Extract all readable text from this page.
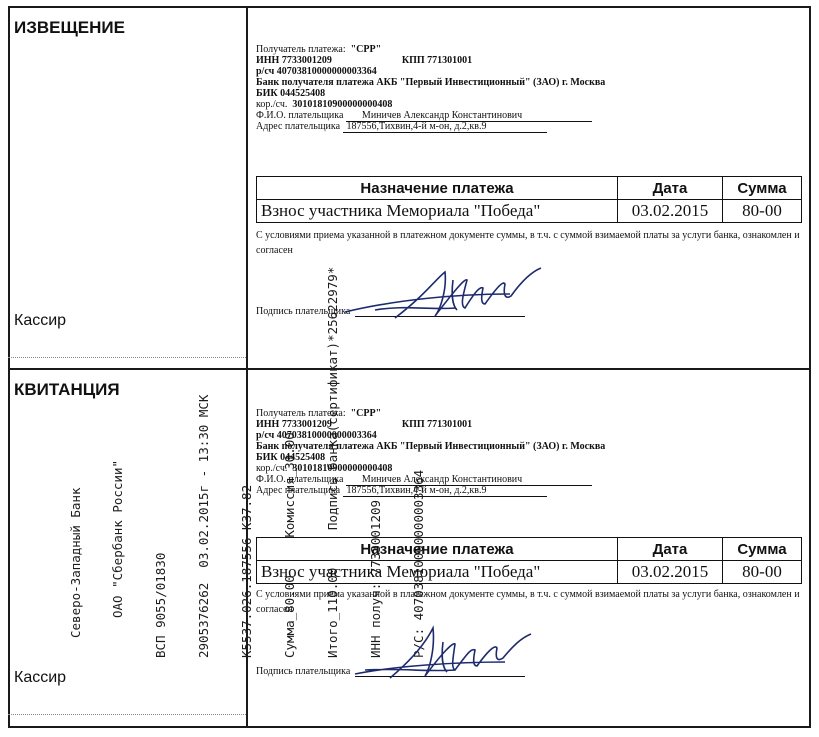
ИЗВЕЩЕНИЕ
Кассир
КВИТАНЦИЯ
Кассир

Северо-Западный Банк

ОАО "Сбербанк России"

ВСП 9055/01830

2905376262  03.02.2015г - 13:30 МСК

К5537.026.187556 К37.82

Сумма_80.00     Комиссия_30.00

Итого_110.00     Подпись банка(сертификат)*25622979*

ИНН получ: 7733001209

Р/С: 40703810000000003364

Получатель платежа: "СРР"
ИНН 7733001209	КПП 771301001
р/сч 40703810000000003364
Банк получателя платежа АКБ "Первый Инвестиционный" (ЗАО) г. Москва
БИК 044525408
кор./сч. 30101810900000000408
Ф.И.О. плательщика Миничев Александр Константинович
Адрес плательщика 187556,Тихвин,4-й м-он, д.2,кв.9
Назначение платежа	Дата	Сумма
Взнос участника Мемориала "Победа"	03.02.2015	80-00
С условиями приема указанной в платежном документе суммы, в т.ч. с суммой взимаемой платы за услуги банка, ознакомлен и согласен
Подпись плательщика
Получатель платежа: "СРР"
ИНН 7733001209	КПП 771301001
р/сч 40703810000000003364
Банк получателя платежа АКБ "Первый Инвестиционный" (ЗАО) г. Москва
БИК 044525408
кор./сч. 30101810900000000408
Ф.И.О. плательщика Миничев Александр Константинович
Адрес плательщика 187556,Тихвин,4-й м-он, д.2,кв.9
Назначение платежа	Дата	Сумма
Взнос участника Мемориала "Победа"	03.02.2015	80-00
С условиями приема указанной в платежном документе суммы, в т.ч. с суммой взимаемой платы за услуги банка, ознакомлен и согласен
Подпись плательщика
